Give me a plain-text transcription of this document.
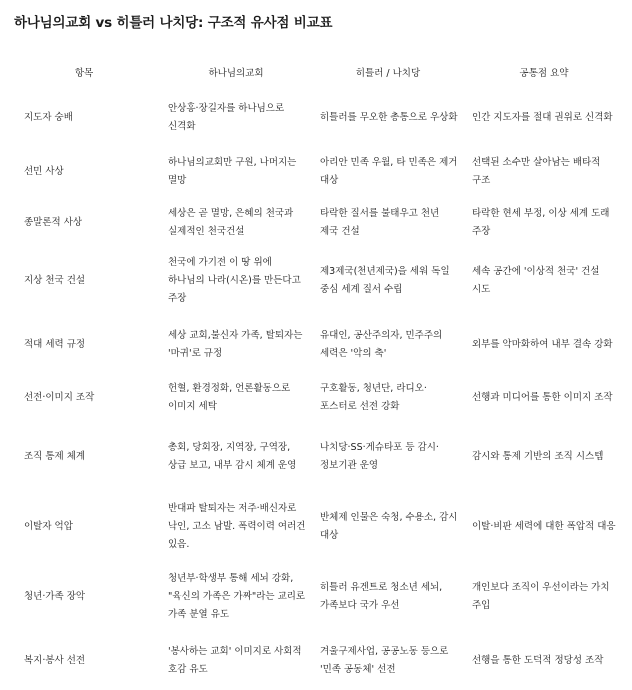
하나님의교회 vs 히틀러 나치당: 구조적 유사점 비교표
항목	하나님의교회	히틀러 / 나치당	공통점 요약
지도자 숭배	안상홍·장길자를 하나님으로 신격화	히틀러를 무오한 총통으로 우상화	인간 지도자를 절대 권위로 신격화
선민 사상	하나님의교회만 구원, 나머지는 멸망	아리안 민족 우월, 타 민족은 제거 대상	선택된 소수만 살아남는 배타적 구조
종말론적 사상	세상은 곧 멸망, 은혜의 천국과 실제적인 천국건설	타락한 질서를 불태우고 천년 제국 건설	타락한 현세 부정, 이상 세계 도래 주장
지상 천국 건설	천국에 가기전 이 땅 위에 하나님의 나라(시온)를 만든다고 주장	제3제국(천년제국)을 세워 독일 중심 세계 질서 수립	세속 공간에 '이상적 천국' 건설 시도
적대 세력 규정	세상 교회,불신자 가족, 탈퇴자는 '마귀'로 규정	유대인, 공산주의자, 민주주의 세력은 '악의 축'	외부를 악마화하여 내부 결속 강화
선전·이미지 조작	헌혈, 환경정화, 언론활동으로 이미지 세탁	구호활동, 청년단, 라디오·포스터로 선전 강화	선행과 미디어를 통한 이미지 조작
조직 통제 체계	총회, 당회장, 지역장, 구역장, 상급 보고, 내부 감시 체계 운영	나치당·SS·게슈타포 등 감시·정보기관 운영	감시와 통제 기반의 조직 시스템
이탈자 억압	반대파 탈퇴자는 저주·배신자로 낙인, 고소 남발. 폭력이력 여러건 있음.	반체제 인물은 숙청, 수용소, 감시 대상	이탈·비판 세력에 대한 폭압적 대응
청년·가족 장악	청년부·학생부 통해 세뇌 강화, "육신의 가족은 가짜"라는 교리로 가족 분열 유도	히틀러 유겐트로 청소년 세뇌, 가족보다 국가 우선	개인보다 조직이 우선이라는 가치 주입
복지·봉사 선전	'봉사하는 교회' 이미지로 사회적 호감 유도	겨울구제사업, 공공노동 등으로 '민족 공동체' 선전	선행을 통한 도덕적 정당성 조작
